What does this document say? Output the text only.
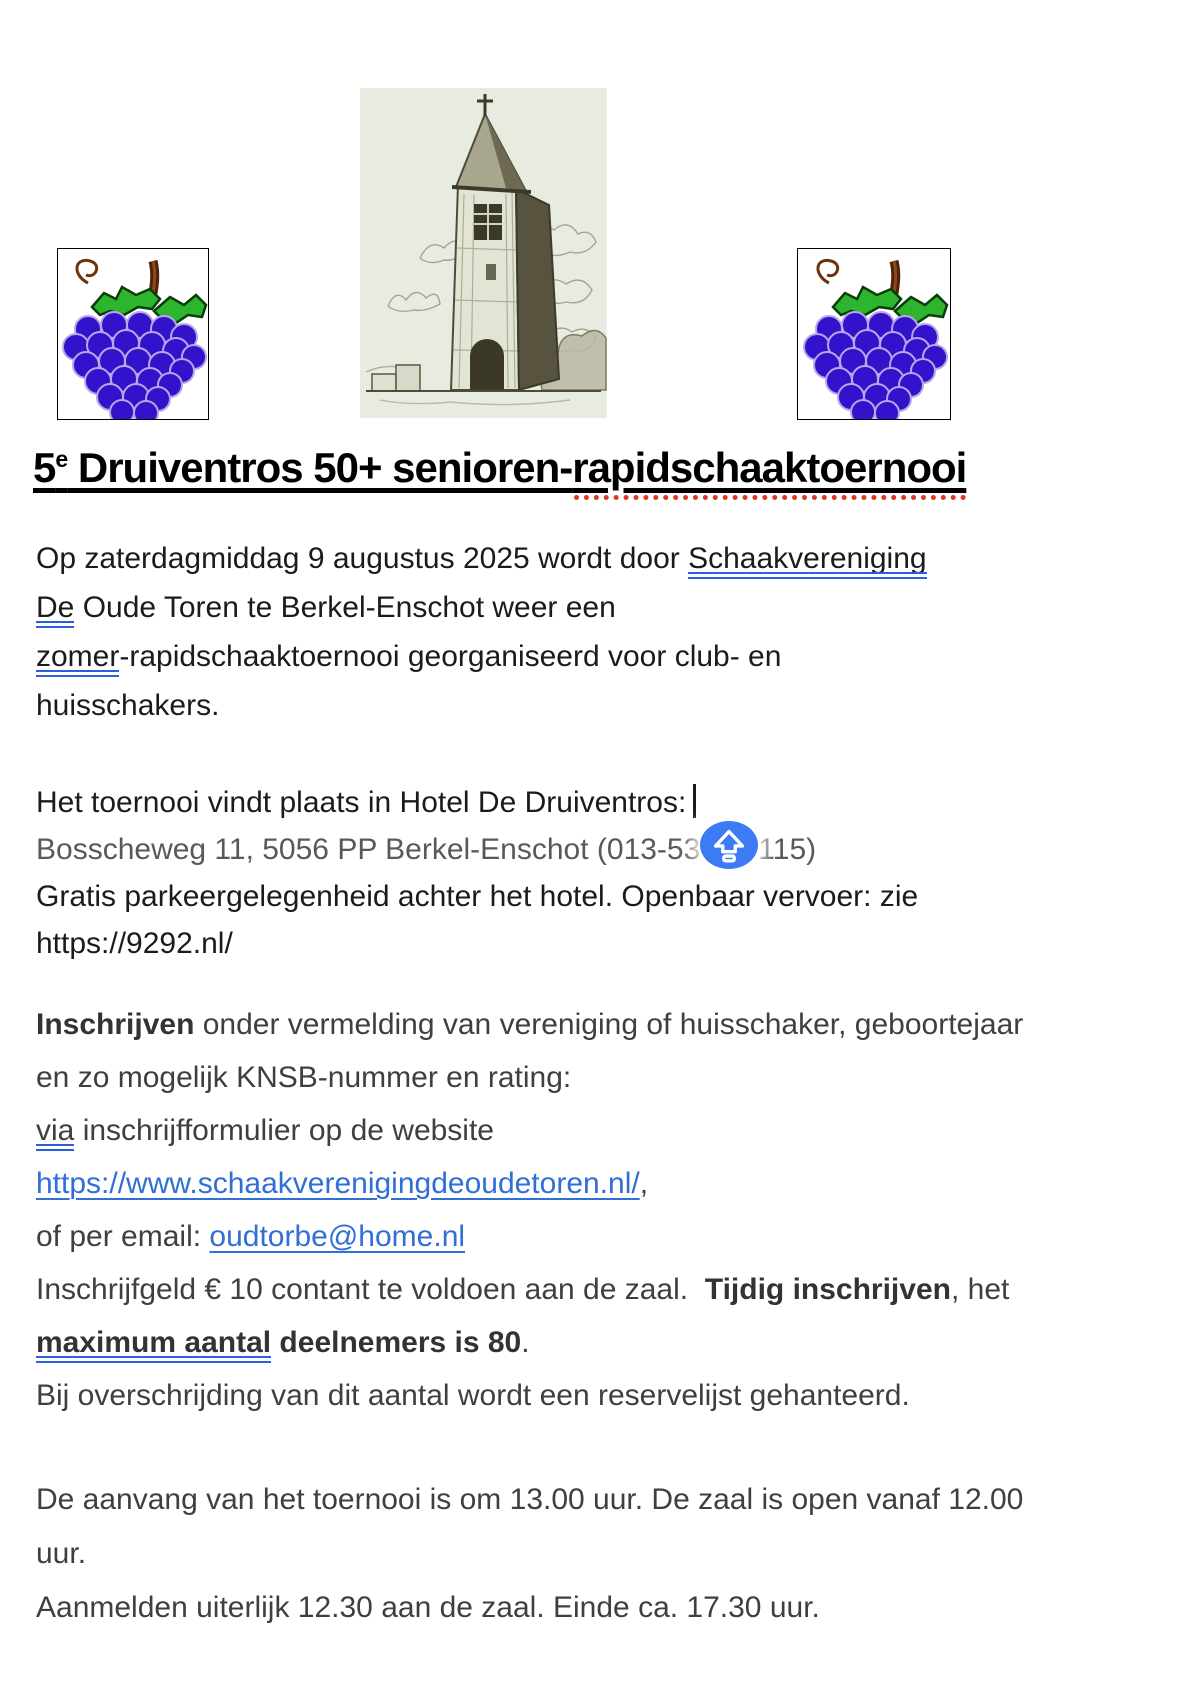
5e Druiventros 50+ senioren-rapidschaaktoernooi

Op zaterdagmiddag 9 augustus 2025 wordt door Schaakvereniging
De Oude Toren te Berkel-Enschot weer een
zomer-rapidschaaktoernooi georganiseerd voor club- en
huisschakers.

Het toernooi vindt plaats in Hotel De Druiventros:
Bosscheweg 11, 5056 PP Berkel-Enschot (013-53 115)
Gratis parkeergelegenheid achter het hotel. Openbaar vervoer: zie
https://9292.nl/

Inschrijven onder vermelding van vereniging of huisschaker, geboortejaar
en zo mogelijk KNSB-nummer en rating:
via inschrijfformulier op de website
https://www.schaakverenigingdeoudetoren.nl/,
of per email: oudtorbe@home.nl
Inschrijfgeld € 10 contant te voldoen aan de zaal.  Tijdig inschrijven, het
maximum aantal deelnemers is 80.
Bij overschrijding van dit aantal wordt een reservelijst gehanteerd.

De aanvang van het toernooi is om 13.00 uur. De zaal is open vanaf 12.00
uur.
Aanmelden uiterlijk 12.30 aan de zaal. Einde ca. 17.30 uur.
